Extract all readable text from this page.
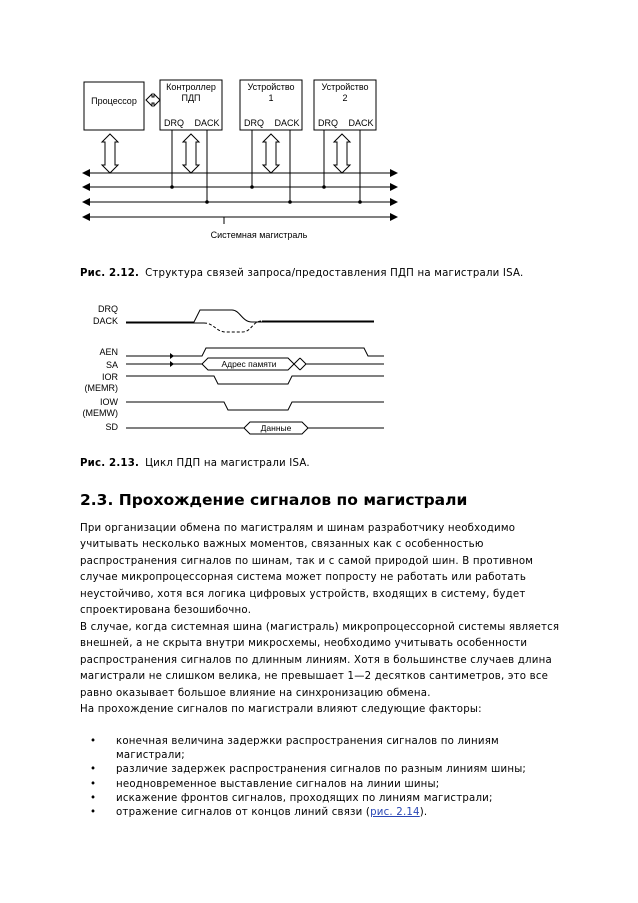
Процессор
Контроллер
ПДП
Устройство
1
Устройство
2
DRQ DACK	DRQ DACK DRQ DACK
Системная магистраль
Рис. 2.12. Структура связей запроса/предоставления ПДП на магистрали ISA.
DRQ
DACK
AEN
SA
IOR
(MEMR)
IOW
(MEMW)
SD
Адрес памяти
Данные
Рис. 2.13. Цикл ПДП на магистрали ISA.
2.3. Прохождение сигналов по магистрали

При организации обмена по магистралям и шинам разработчику необходимо учитывать несколько важных моментов, связанных как с особенностью распространения сигналов по шинам, так и с самой природой шин. В противном случае микропроцессорная система может попросту не работать или работать неустойчиво, хотя вся логика цифровых устройств, входящих в систему, будет спроектирована безошибочно.

В случае, когда системная шина (магистраль) микропроцессорной системы является внешней, а не скрыта внутри микросхемы, необходимо учитывать особенности распространения сигналов по длинным линиям. Хотя в большинстве случаев длина магистрали не слишком велика, не превышает 1—2 десятков сантиметров, это все равно оказывает большое влияние на синхронизацию обмена.

На прохождение сигналов по магистрали влияют следующие факторы:

• конечная величина задержки распространения сигналов по линиям магистрали;
• различие задержек распространения сигналов по разным линиям шины;
• неодновременное выставление сигналов на линии шины;
• искажение фронтов сигналов, проходящих по линиям магистрали;
• отражение сигналов от концов линий связи (рис. 2.14).
